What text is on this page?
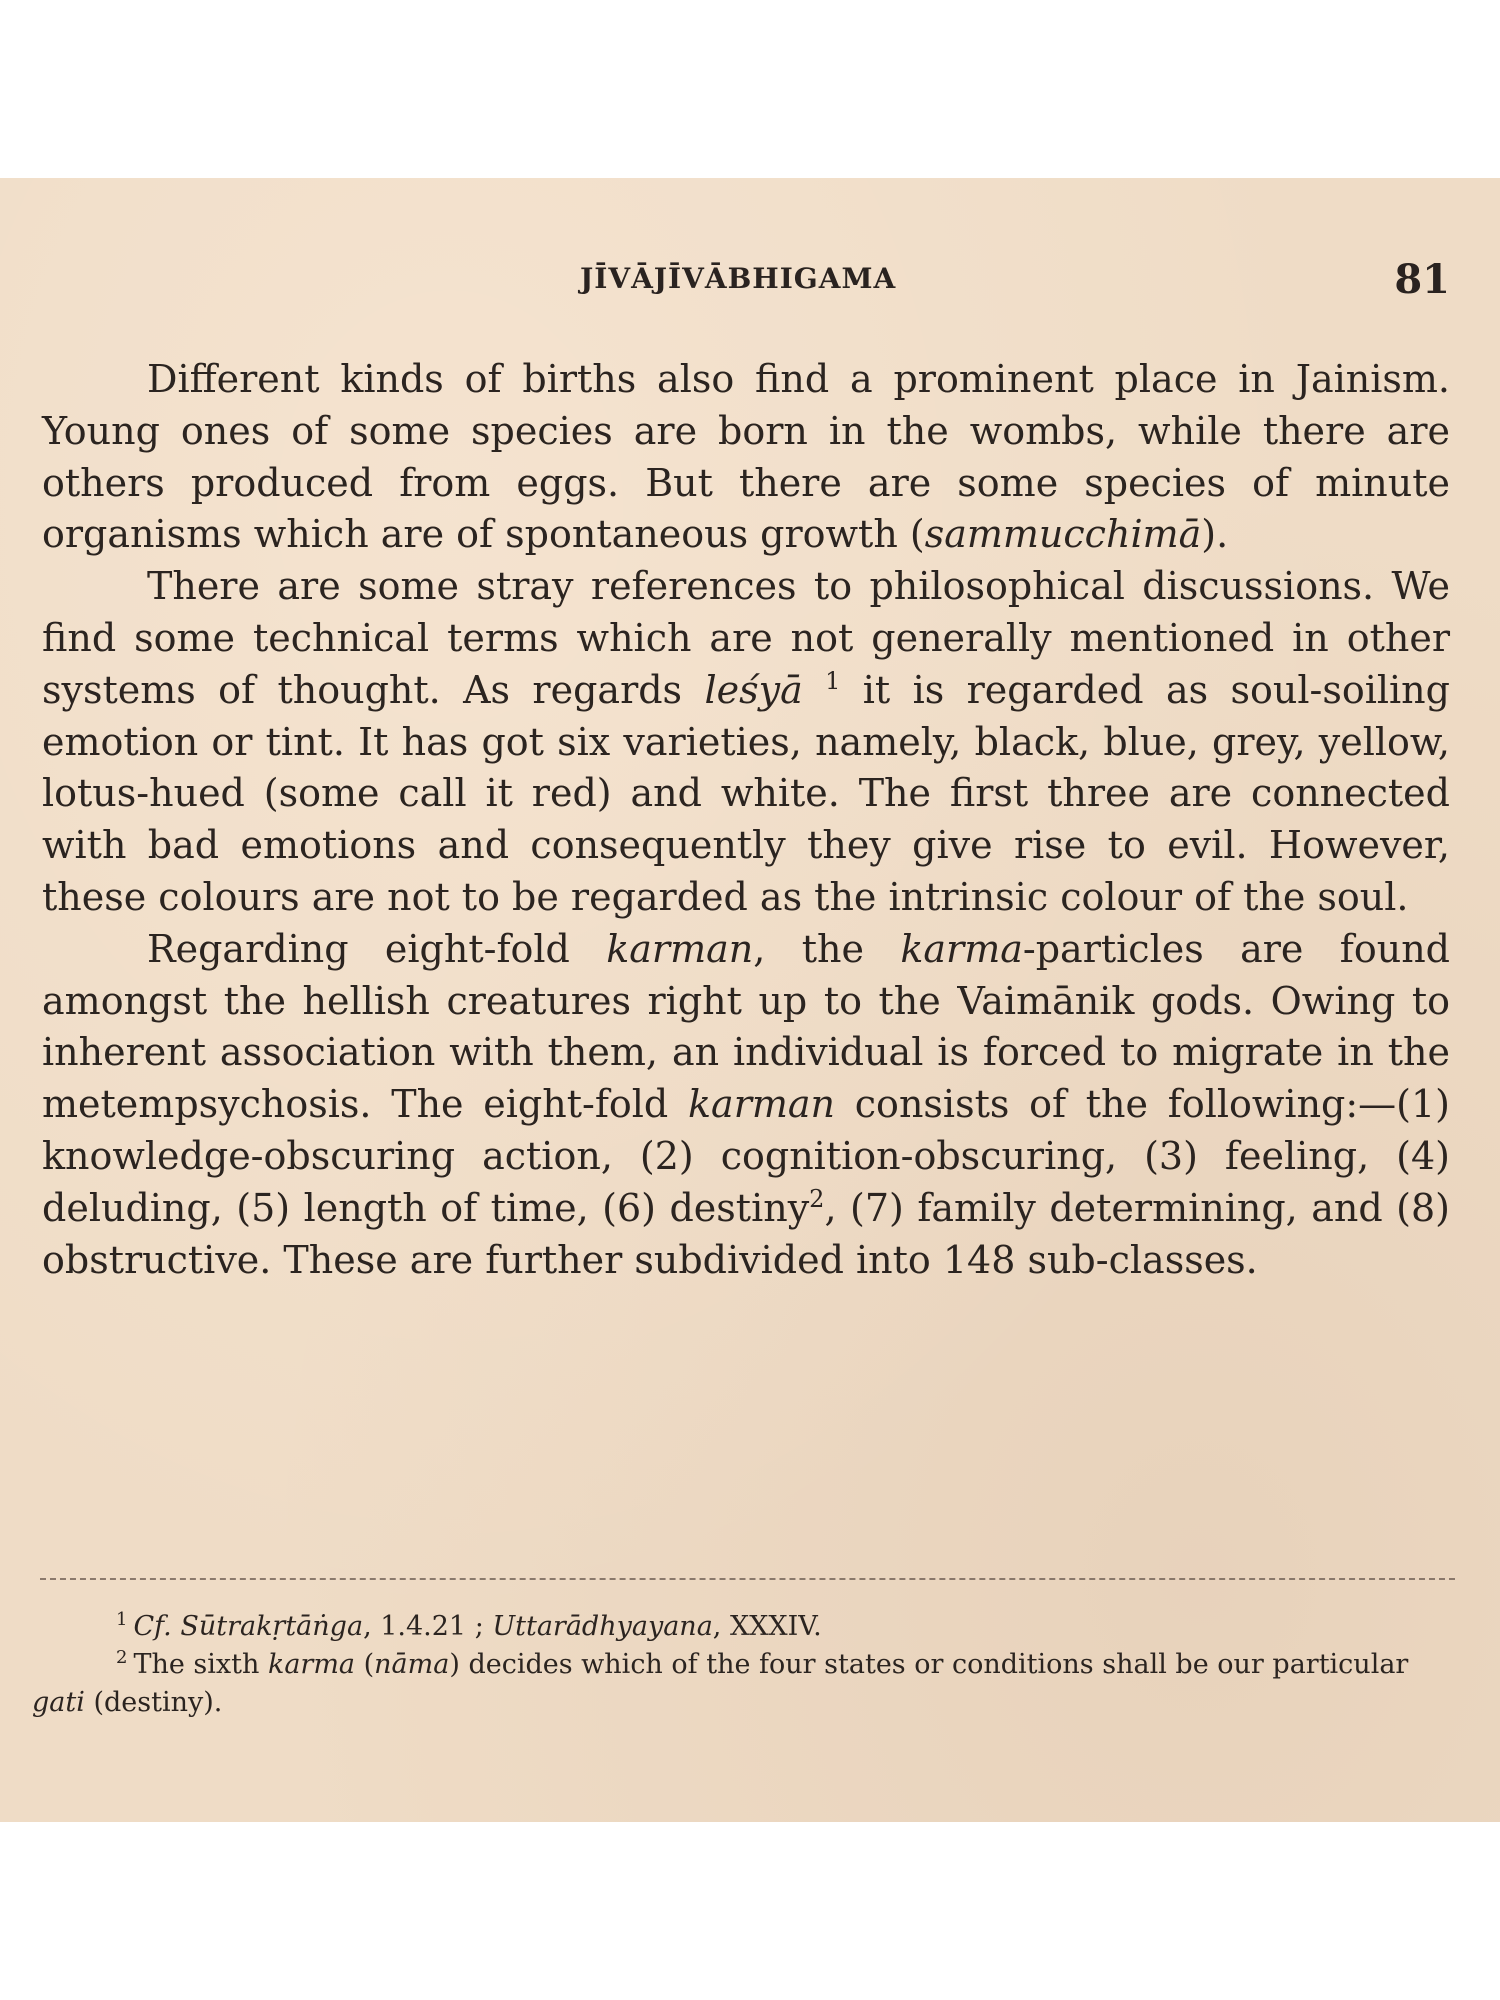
JĪVĀJĪVĀBHIGAMA	81

Different kinds of births also find a prominent place in Jainism. Young ones of some species are born in the wombs, while there are others produced from eggs. But there are some species of minute organisms which are of spontaneous growth (sammucchimā).

There are some stray references to philosophical discussions. We find some technical terms which are not generally mentioned in other systems of thought. As regards leśyā $^1$ it is regarded as soul-soiling emotion or tint. It has got six varieties, namely, black, blue, grey, yellow, lotus-hued (some call it red) and white. The first three are connected with bad emotions and consequently they give rise to evil. However, these colours are not to be regarded as the intrinsic colour of the soul.

Regarding eight-fold karman, the karma-particles are found amongst the hellish creatures right up to the Vaimānik gods. Owing to inherent association with them, an individual is forced to migrate in the metempsychosis. The eight-fold karman consists of the following:—(1) knowledge-obscuring action, (2) cognition-obscuring, (3) feeling, (4) deluding, (5) length of time, (6) destiny$^2$, (7) family determining, and (8) obstructive. These are further subdivided into 148 sub-classes.

$^1$ Cf. Sūtrakṛtāṅga, 1.4.21 ; Uttarādhyayana, XXXIV.

$^2$ The sixth karma (nāma) decides which of the four states or conditions shall be our particular gati (destiny).
